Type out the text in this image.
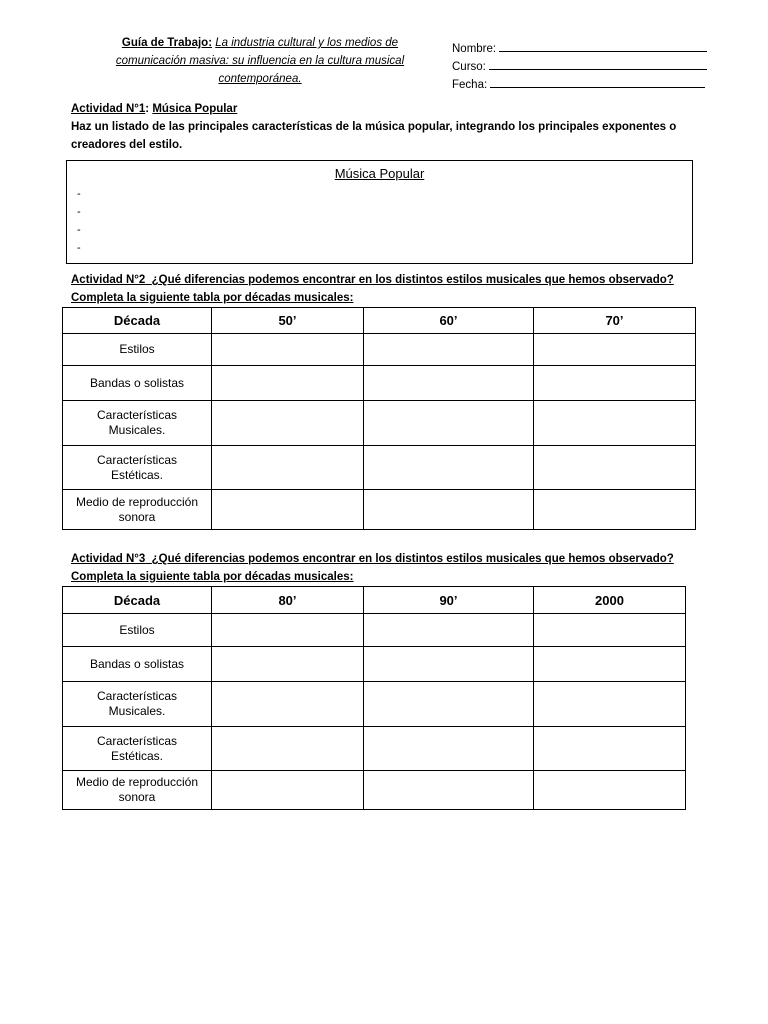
Guía de Trabajo: La industria cultural y los medios de comunicación masiva: su influencia en la cultura musical contemporánea.
Nombre:
Curso:
Fecha:
Actividad N°1: Música Popular
Haz un listado de las principales características de la música popular, integrando los principales exponentes o creadores del estilo.
Música Popular
-
-
-
-
Actividad N°2 ¿Qué diferencias podemos encontrar en los distintos estilos musicales que hemos observado? Completa la siguiente tabla por décadas musicales:
Década	50’	60’	70’
Estilos			
Bandas o solistas			
Características Musicales.			
Características Estéticas.			
Medio de reproducción sonora			
Actividad N°3 ¿Qué diferencias podemos encontrar en los distintos estilos musicales que hemos observado? Completa la siguiente tabla por décadas musicales:
Década	80’	90’	2000
Estilos			
Bandas o solistas			
Características Musicales.			
Características Estéticas.			
Medio de reproducción sonora			
